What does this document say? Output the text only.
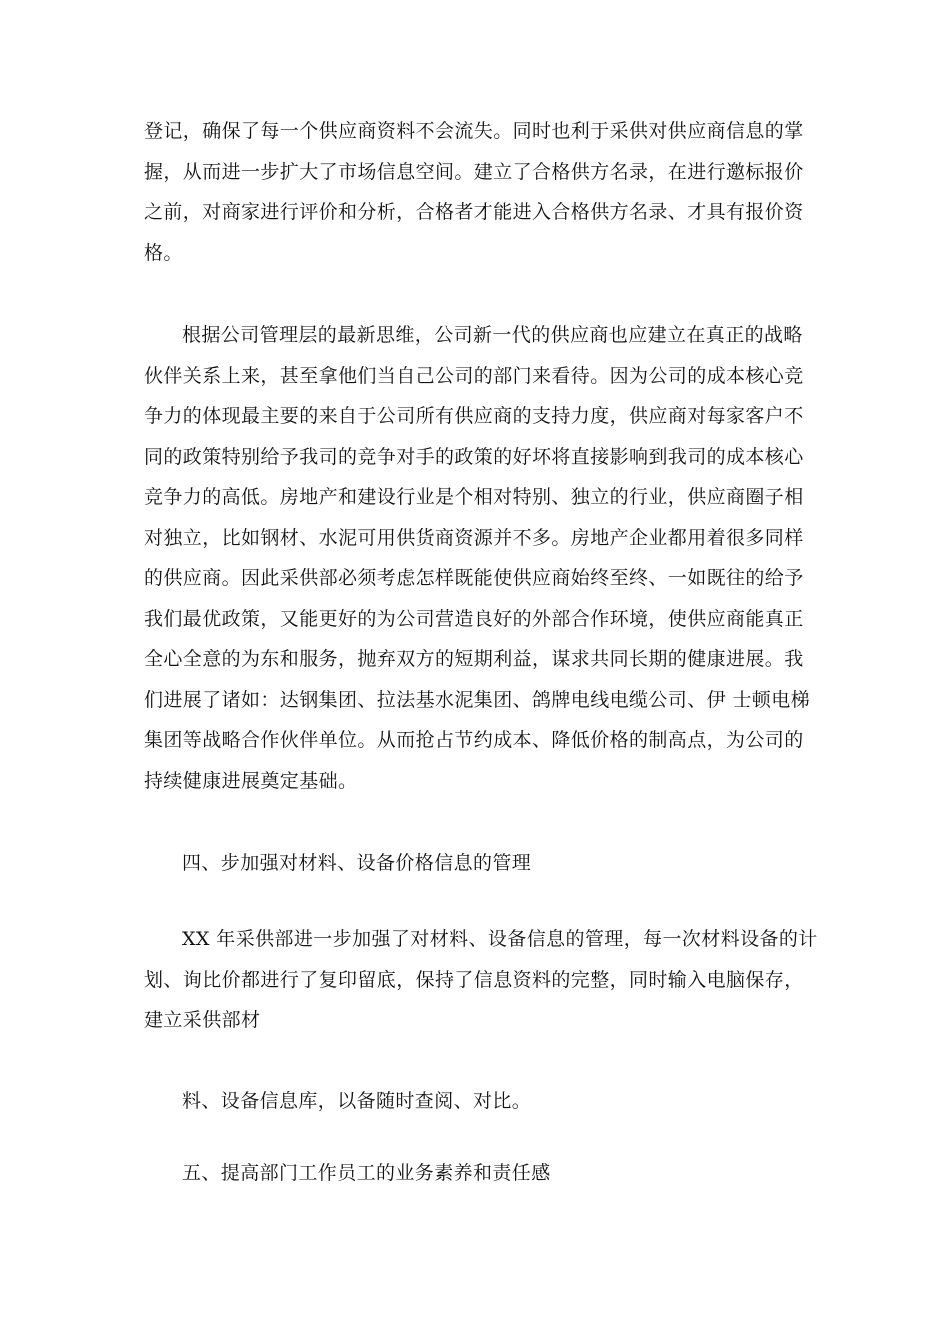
登记，确保了每一个供应商资料不会流失。同时也利于采供对供应商信息的掌
握，从而进一步扩大了市场信息空间。建立了合格供方名录，在进行邀标报价
之前，对商家进行评价和分析，合格者才能进入合格供方名录、才具有报价资
格。

根据公司管理层的最新思维，公司新一代的供应商也应建立在真正的战略
伙伴关系上来，甚至拿他们当自己公司的部门来看待。因为公司的成本核心竞
争力的体现最主要的来自于公司所有供应商的支持力度，供应商对每家客户不
同的政策特别给予我司的竞争对手的政策的好坏将直接影响到我司的成本核心
竞争力的高低。房地产和建设行业是个相对特别、独立的行业，供应商圈子相
对独立，比如钢材、水泥可用供货商资源并不多。房地产企业都用着很多同样
的供应商。因此采供部必须考虑怎样既能使供应商始终至终、一如既往的给予
我们最优政策，又能更好的为公司营造良好的外部合作环境，使供应商能真正
全心全意的为东和服务，抛弃双方的短期利益，谋求共同长期的健康进展。我
们进展了诸如：达钢集团、拉法基水泥集团、鸽牌电线电缆公司、伊 士顿电梯
集团等战略合作伙伴单位。从而抢占节约成本、降低价格的制高点，为公司的
持续健康进展奠定基础。

四、步加强对材料、设备价格信息的管理

XX 年采供部进一步加强了对材料、设备信息的管理，每一次材料设备的计
划、询比价都进行了复印留底，保持了信息资料的完整，同时输入电脑保存，
建立采供部材

料、设备信息库，以备随时查阅、对比。

五、提高部门工作员工的业务素养和责任感
